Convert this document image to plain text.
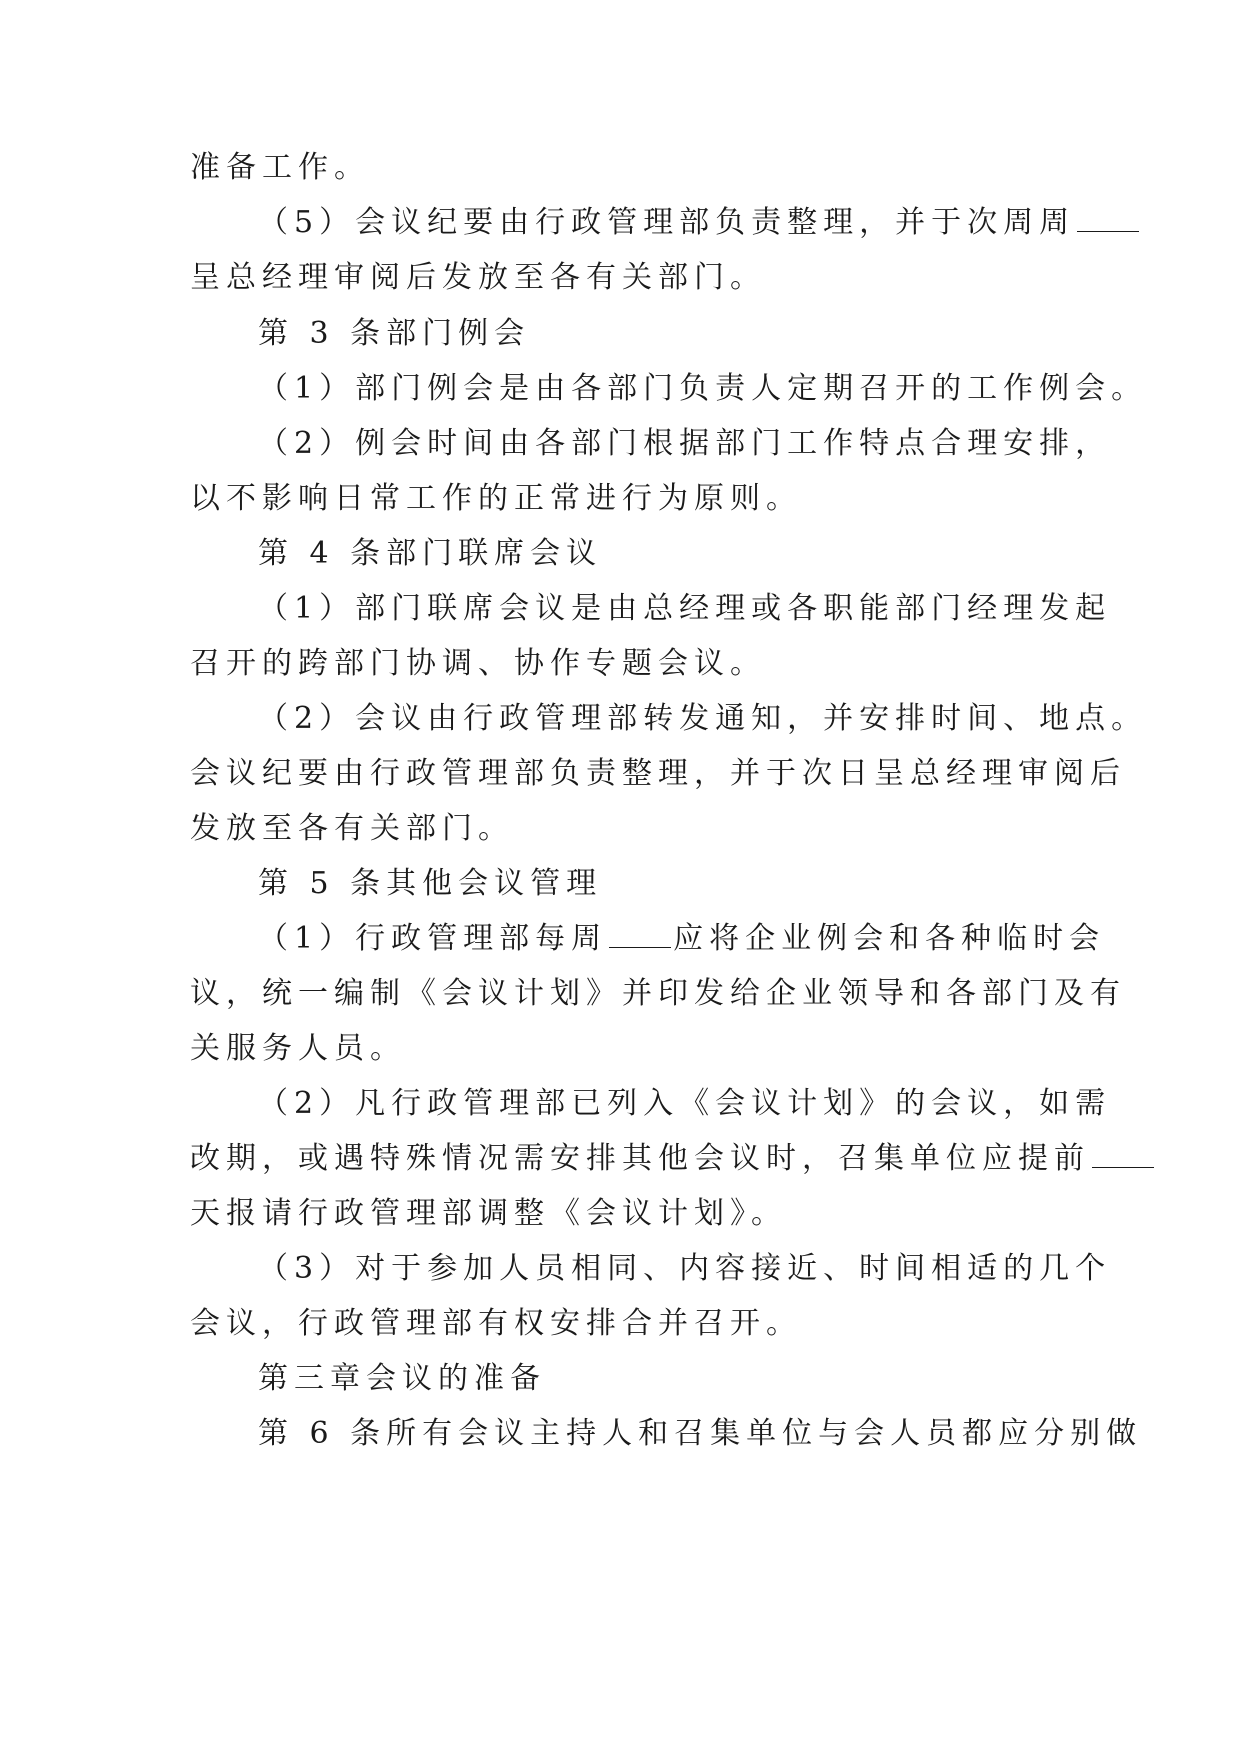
准备工作。

（5）会议纪要由行政管理部负责整理，并于次周周

呈总经理审阅后发放至各有关部门。

第 3 条部门例会

（1）部门例会是由各部门负责人定期召开的工作例会。

（2）例会时间由各部门根据部门工作特点合理安排，

以不影响日常工作的正常进行为原则。

第 4 条部门联席会议

（1）部门联席会议是由总经理或各职能部门经理发起

召开的跨部门协调、协作专题会议。

（2）会议由行政管理部转发通知，并安排时间、地点。

会议纪要由行政管理部负责整理，并于次日呈总经理审阅后

发放至各有关部门。

第 5 条其他会议管理

（1）行政管理部每周 应将企业例会和各种临时会

议，统一编制《会议计划》并印发给企业领导和各部门及有

关服务人员。

（2）凡行政管理部已列入《会议计划》的会议，如需

改期，或遇特殊情况需安排其他会议时，召集单位应提前

天报请行政管理部调整《会议计划》。

（3）对于参加人员相同、内容接近、时间相适的几个

会议，行政管理部有权安排合并召开。

第三章会议的准备

第 6 条所有会议主持人和召集单位与会人员都应分别做
